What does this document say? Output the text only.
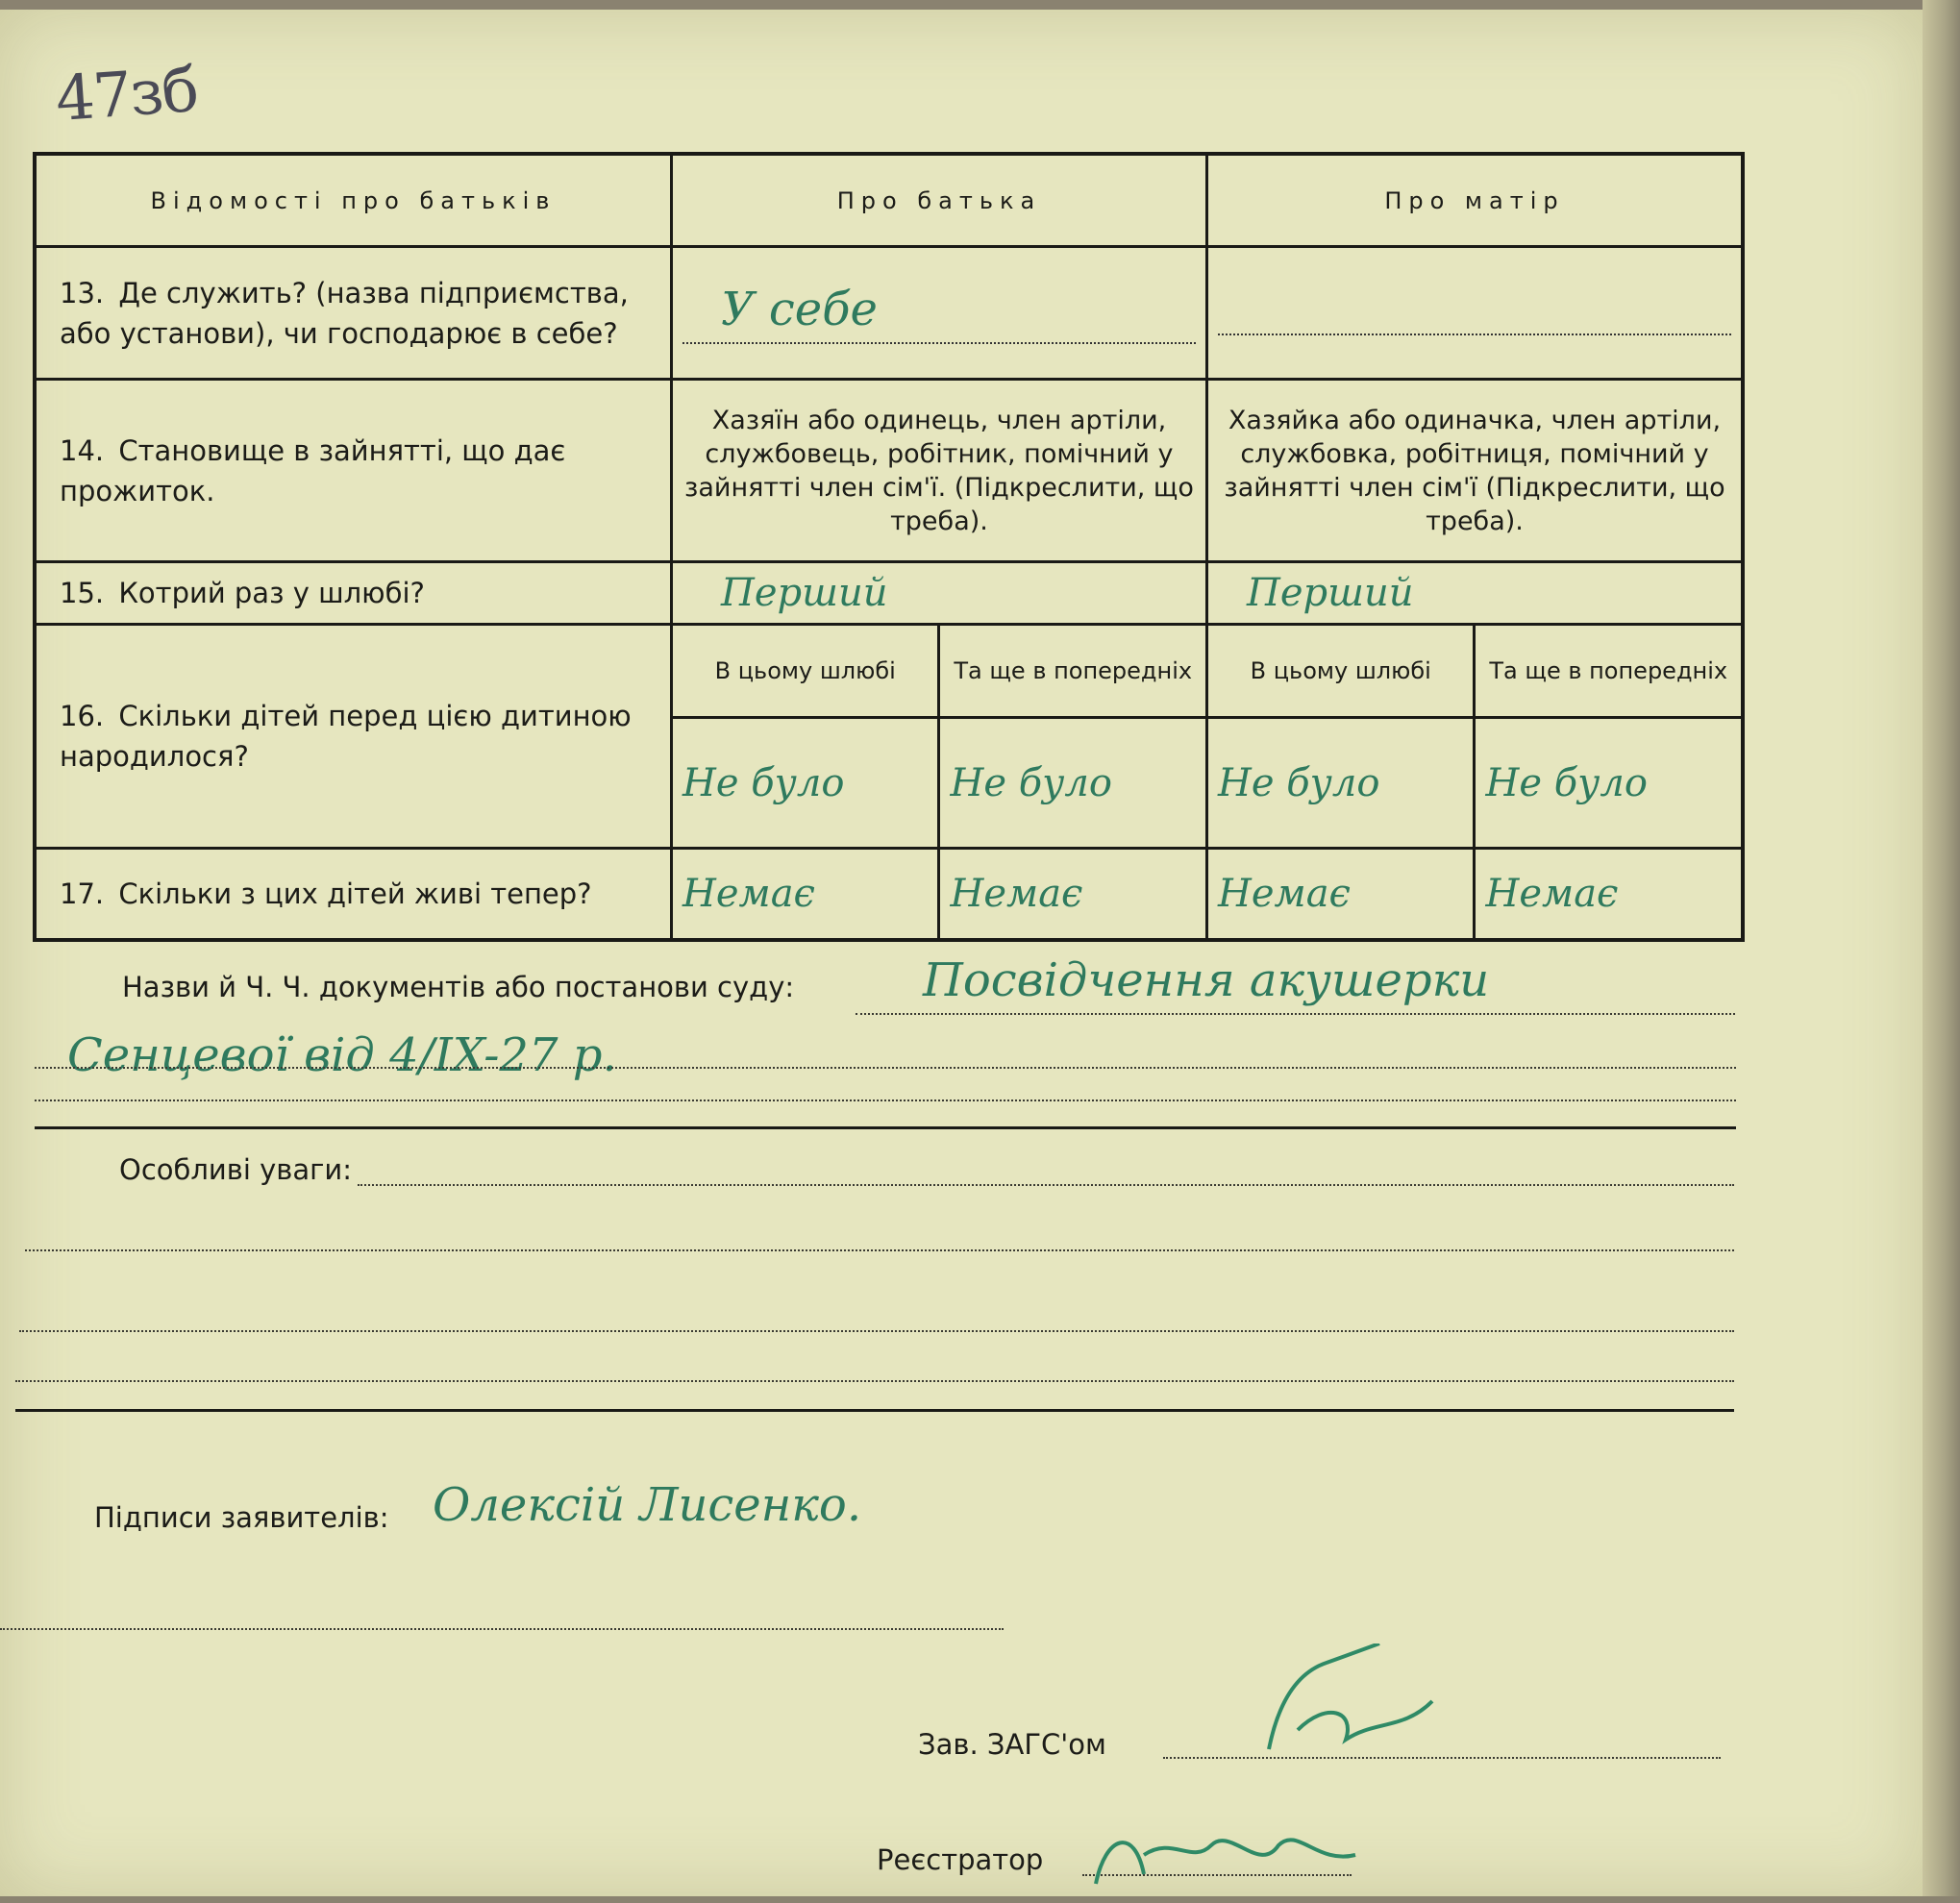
47зб
Відомості про батьків	Про батька		Про матір	
13. Де служить? (назва підприємства, або установи), чи господарює в себе?	У себе		

14. Становище в зайнятті, що дає прожиток.	Хазяїн або одинець, член артіли, службовець, робітник, помічний у зайнятті член сім'ї. (Підкреслити, що треба).		Хазяйка або одиначка, член артіли, службовка, робітниця, помічний у зайнятті член сім'ї (Підкреслити, що треба).	
15. Котрий раз у шлюбі?	Перший		Перший	
16. Скільки дітей перед цією дитиною народилося?	В цьому шлюбі	Та ще в попередніх	В цьому шлюбі	Та ще в попередніх
	Не було	Не було	Не було	Не було
17. Скільки з цих дітей живі тепер?	Немає	Немає	Немає	Немає
Назви й Ч. Ч. документів або постанови суду:	Посвідчення акушерки
Сенцевої від 4/IX-27 р.
Особливі уваги:
Підписи заявителів: Олексій Лисенко.
Зав. ЗАГС'ом
Реєстратор
